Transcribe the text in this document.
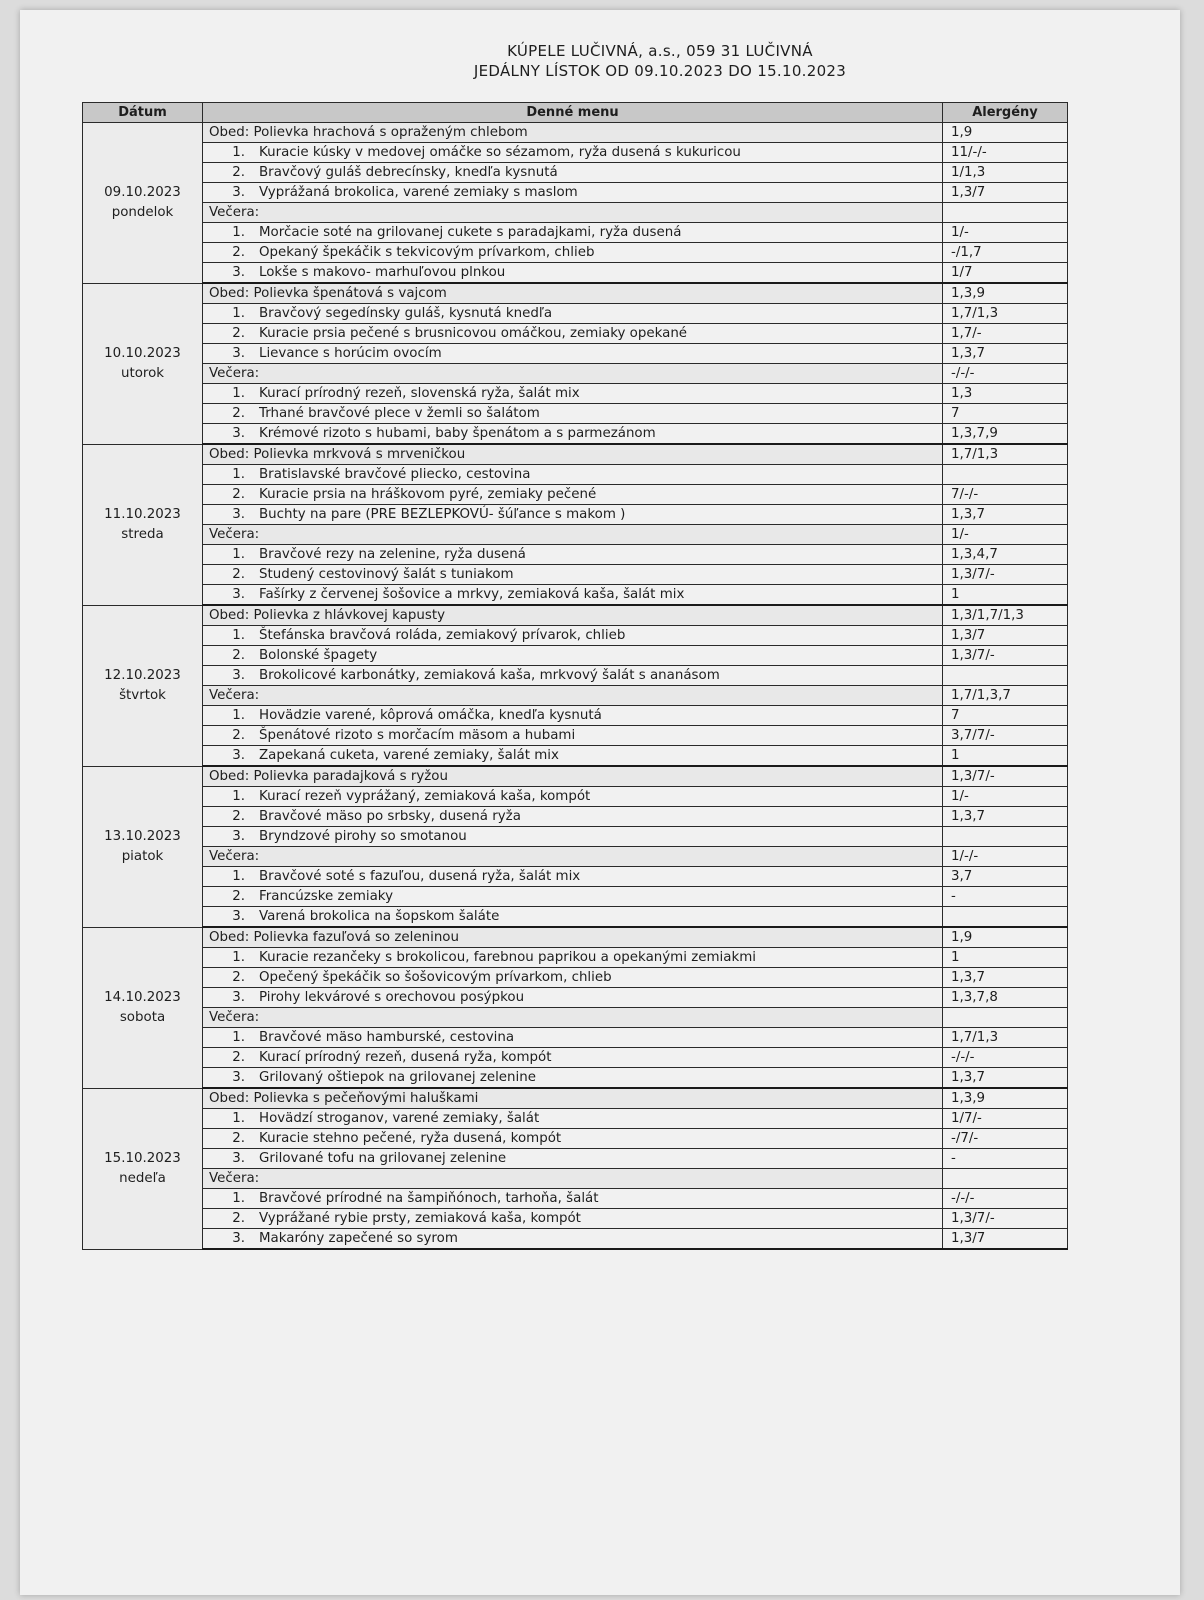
KÚPELE LUČIVNÁ, a.s., 059 31 LUČIVNÁ
JEDÁLNY LÍSTOK OD 09.10.2023 DO 15.10.2023
Dátum	Denné menu	Alergény

09.10.2023
pondelok	Obed: Polievka hrachová s opraženým chlebom	1,9
	1. Kuracie kúsky v medovej omáčke so sézamom, ryža dusená s kukuricou	11/-/-
	2. Bravčový guláš debrecínsky, knedľa kysnutá	1/1,3
	3. Vyprážaná brokolica, varené zemiaky s maslom	1,3/7
	Večera:	
	1. Morčacie soté na grilovanej cukete s paradajkami, ryža dusená	1/-
	2. Opekaný špekáčik s tekvicovým prívarkom, chlieb	-/1,7
	3. Lokše s makovo- marhuľovou plnkou	1/7

10.10.2023
utorok	Obed: Polievka špenátová s vajcom	1,3,9
	1. Bravčový segedínsky guláš, kysnutá knedľa	1,7/1,3
	2. Kuracie prsia pečené s brusnicovou omáčkou, zemiaky opekané	1,7/-
	3. Lievance s horúcim ovocím	1,3,7
	Večera:	-/-/-
	1. Kurací prírodný rezeň, slovenská ryža, šalát mix	1,3
	2. Trhané bravčové plece v žemli so šalátom	7
	3. Krémové rizoto s hubami, baby špenátom a s parmezánom	1,3,7,9

11.10.2023
streda	Obed: Polievka mrkvová s mrveničkou	1,7/1,3
	1. Bratislavské bravčové pliecko, cestovina	
	2. Kuracie prsia na hráškovom pyré, zemiaky pečené	7/-/-
	3. Buchty na pare (PRE BEZLEPKOVÚ- šúľance s makom )	1,3,7
	Večera:	1/-
	1. Bravčové rezy na zelenine, ryža dusená	1,3,4,7
	2. Studený cestovinový šalát s tuniakom	1,3/7/-
	3. Fašírky z červenej šošovice a mrkvy, zemiaková kaša, šalát mix	1

12.10.2023
štvrtok	Obed: Polievka z hlávkovej kapusty	1,3/1,7/1,3
	1. Štefánska bravčová roláda, zemiakový prívarok, chlieb	1,3/7
	2. Bolonské špagety	1,3/7/-
	3. Brokolicové karbonátky, zemiaková kaša, mrkvový šalát s ananásom	
	Večera:	1,7/1,3,7
	1. Hovädzie varené, kôprová omáčka, knedľa kysnutá	7
	2. Špenátové rizoto s morčacím mäsom a hubami	3,7/7/-
	3. Zapekaná cuketa, varené zemiaky, šalát mix	1

13.10.2023
piatok	Obed: Polievka paradajková s ryžou	1,3/7/-
	1. Kurací rezeň vyprážaný, zemiaková kaša, kompót	1/-
	2. Bravčové mäso po srbsky, dusená ryža	1,3,7
	3. Bryndzové pirohy so smotanou	
	Večera:	1/-/-
	1. Bravčové soté s fazuľou, dusená ryža, šalát mix	3,7
	2. Francúzske zemiaky	-
	3. Varená brokolica na šopskom šaláte	

14.10.2023
sobota	Obed: Polievka fazuľová so zeleninou	1,9
	1. Kuracie rezančeky s brokolicou, farebnou paprikou a opekanými zemiakmi	1
	2. Opečený špekáčik so šošovicovým prívarkom, chlieb	1,3,7
	3. Pirohy lekvárové s orechovou posýpkou	1,3,7,8
	Večera:	
	1. Bravčové mäso hamburské, cestovina	1,7/1,3
	2. Kurací prírodný rezeň, dusená ryža, kompót	-/-/-
	3. Grilovaný oštiepok na grilovanej zelenine	1,3,7

15.10.2023
nedeľa	Obed: Polievka s pečeňovými haluškami	1,3,9
	1. Hovädzí stroganov, varené zemiaky, šalát	1/7/-
	2. Kuracie stehno pečené, ryža dusená, kompót	-/7/-
	3. Grilované tofu na grilovanej zelenine	-
	Večera:	
	1. Bravčové prírodné na šampiňónoch, tarhoňa, šalát	-/-/-
	2. Vyprážané rybie prsty, zemiaková kaša, kompót	1,3/7/-
	3. Makaróny zapečené so syrom	1,3/7
